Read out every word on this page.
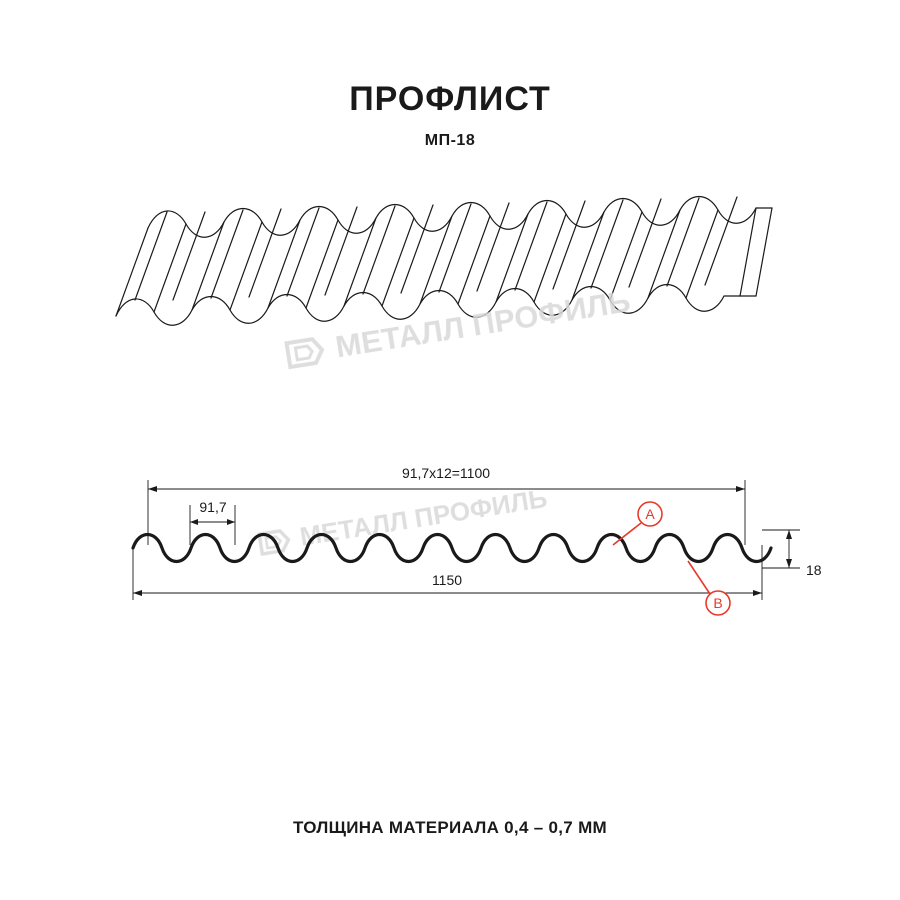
ПРОФЛИСТ
МП-18
МЕТАЛЛ ПРОФИЛЬ
МЕТАЛЛ ПРОФИЛЬ
91,7x12=1100
91,7
1150
18
A
B
ТОЛЩИНА МАТЕРИАЛА 0,4 – 0,7 ММ
